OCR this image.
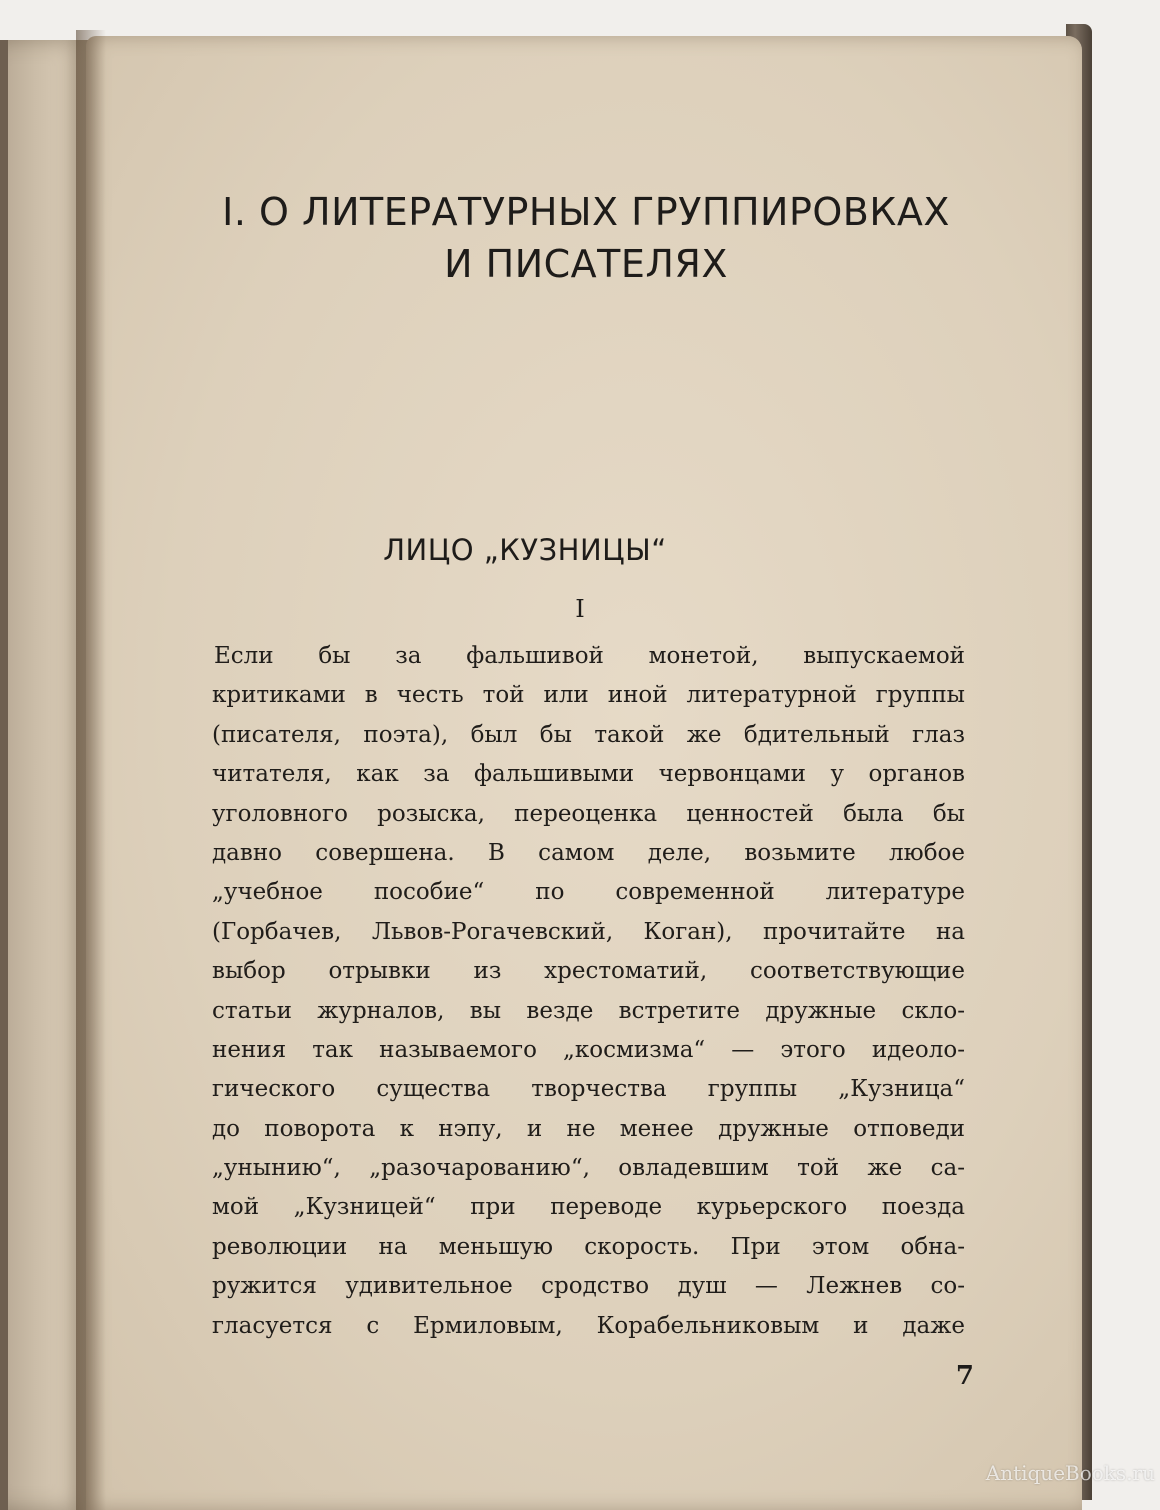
I. О ЛИТЕРАТУРНЫХ ГРУППИРОВКАХ
И ПИСАТЕЛЯХ
ЛИЦО „КУЗНИЦЫ“
I
Если бы за фальшивой монетой, выпускаемой
критиками в честь той или иной литературной группы
(писателя, поэта), был бы такой же бдительный глаз
читателя, как за фальшивыми червонцами у органов
уголовного розыска, переоценка ценностей была бы
давно совершена. В самом деле, возьмите любое
„учебное пособие“ по современной литературе
(Горбачев, Львов-Рогачевский, Коган), прочитайте на
выбор отрывки из хрестоматий, соответствующие
статьи журналов, вы везде встретите дружные скло-
нения так называемого „космизма“ — этого идеоло-
гического существа творчества группы „Кузница“
до поворота к нэпу, и не менее дружные отповеди
„унынию“, „разочарованию“, овладевшим той же са-
мой „Кузницей“ при переводе курьерского поезда
революции на меньшую скорость. При этом обна-
ружится удивительное сродство душ — Лежнев со-
гласуется с Ермиловым, Корабельниковым и даже
7
AntiqueBooks.ru
